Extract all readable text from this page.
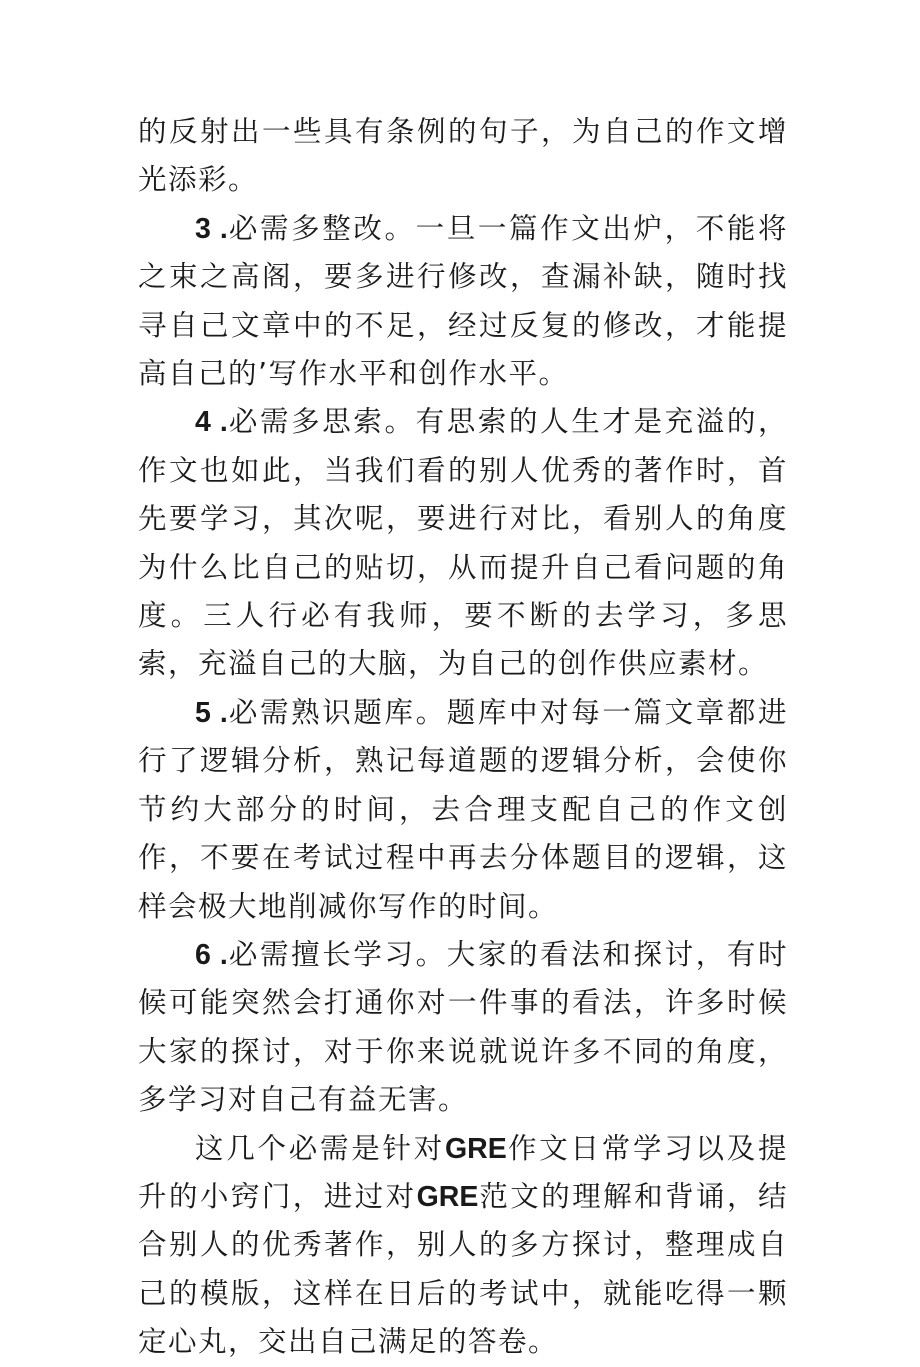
的反射出一些具有条例的句子，为自己的作文增光添彩。

3 .必需多整改。一旦一篇作文出炉，不能将之束之高阁，要多进行修改，查漏补缺，随时找寻自己文章中的不足，经过反复的修改，才能提高自己的’写作水平和创作水平。

4 .必需多思索。有思索的人生才是充溢的，作文也如此，当我们看的别人优秀的著作时，首先要学习，其次呢，要进行对比，看别人的角度为什么比自己的贴切，从而提升自己看问题的角度。三人行必有我师，要不断的去学习，多思索，充溢自己的大脑，为自己的创作供应素材。

5 .必需熟识题库。题库中对每一篇文章都进行了逻辑分析，熟记每道题的逻辑分析，会使你节约大部分的时间，去合理支配自己的作文创作，不要在考试过程中再去分体题目的逻辑，这样会极大地削减你写作的时间。

6 .必需擅长学习。大家的看法和探讨，有时候可能突然会打通你对一件事的看法，许多时候大家的探讨，对于你来说就说许多不同的角度，多学习对自己有益无害。

这几个必需是针对GRE作文日常学习以及提升的小窍门，进过对GRE范文的理解和背诵，结合别人的优秀著作，别人的多方探讨，整理成自己的模版，这样在日后的考试中，就能吃得一颗定心丸，交出自己满足的答卷。
